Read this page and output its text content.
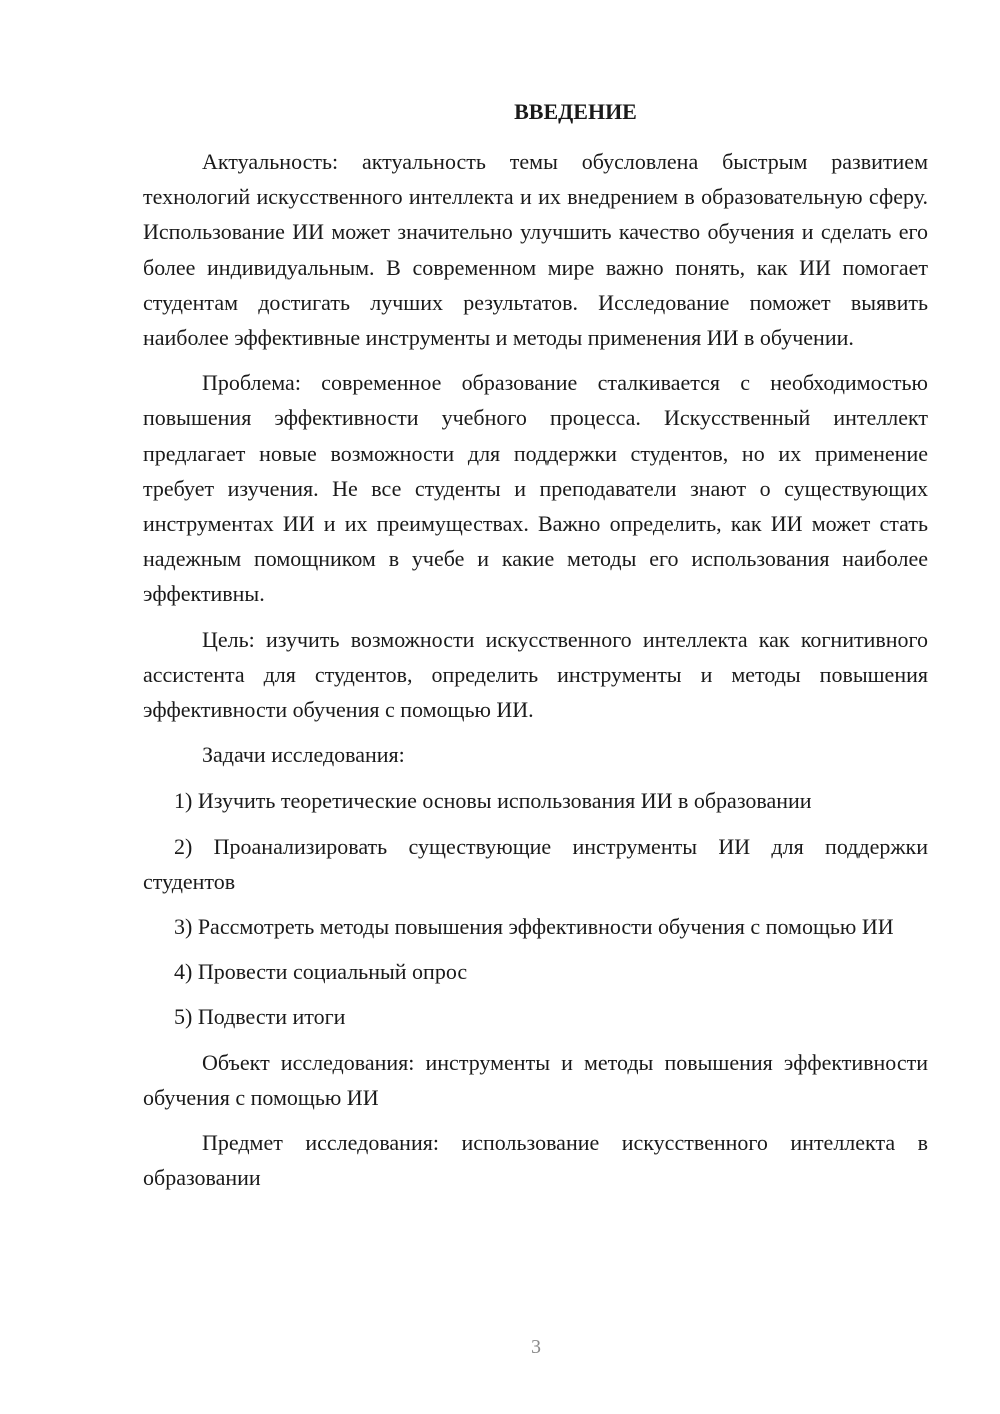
ВВЕДЕНИЕ

Актуальность: актуальность темы обусловлена быстрым развитием технологий искусственного интеллекта и их внедрением в образовательную сферу. Использование ИИ может значительно улучшить качество обучения и сделать его более индивидуальным. В современном мире важно понять, как ИИ помогает студентам достигать лучших результатов. Исследование поможет выявить наиболее эффективные инструменты и методы применения ИИ в обучении.

Проблема: современное образование сталкивается с необходимостью повышения эффективности учебного процесса. Искусственный интеллект предлагает новые возможности для поддержки студентов, но их применение требует изучения. Не все студенты и преподаватели знают о существующих инструментах ИИ и их преимуществах. Важно определить, как ИИ может стать надежным помощником в учебе и какие методы его использования наиболее эффективны.

Цель: изучить возможности искусственного интеллекта как когнитивного ассистента для студентов, определить инструменты и методы повышения эффективности обучения с помощью ИИ.

Задачи исследования:

1) Изучить теоретические основы использования ИИ в образовании

2) Проанализировать существующие инструменты ИИ для поддержки студентов

3) Рассмотреть методы повышения эффективности обучения с помощью ИИ

4) Провести социальный опрос

5) Подвести итоги

Объект исследования: инструменты и методы повышения эффективности обучения с помощью ИИ

Предмет исследования: использование искусственного интеллекта в образовании

3
